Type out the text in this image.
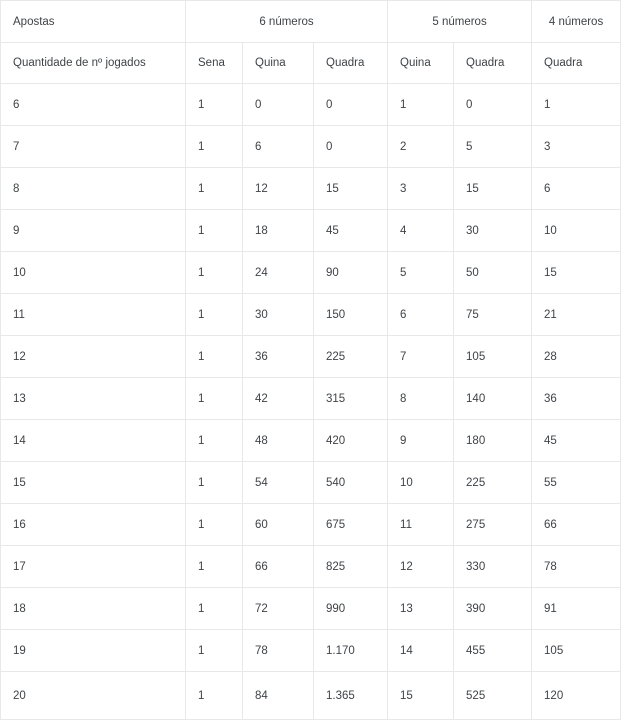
Apostas	6 números			5 números		4 números
Quantidade de nº jogados	Sena	Quina	Quadra	Quina	Quadra	Quadra
6	1	0	0	1	0	1
7	1	6	0	2	5	3
8	1	12	15	3	15	6
9	1	18	45	4	30	10
10	1	24	90	5	50	15
11	1	30	150	6	75	21
12	1	36	225	7	105	28
13	1	42	315	8	140	36
14	1	48	420	9	180	45
15	1	54	540	10	225	55
16	1	60	675	11	275	66
17	1	66	825	12	330	78
18	1	72	990	13	390	91
19	1	78	1.170	14	455	105
20	1	84	1.365	15	525	120
